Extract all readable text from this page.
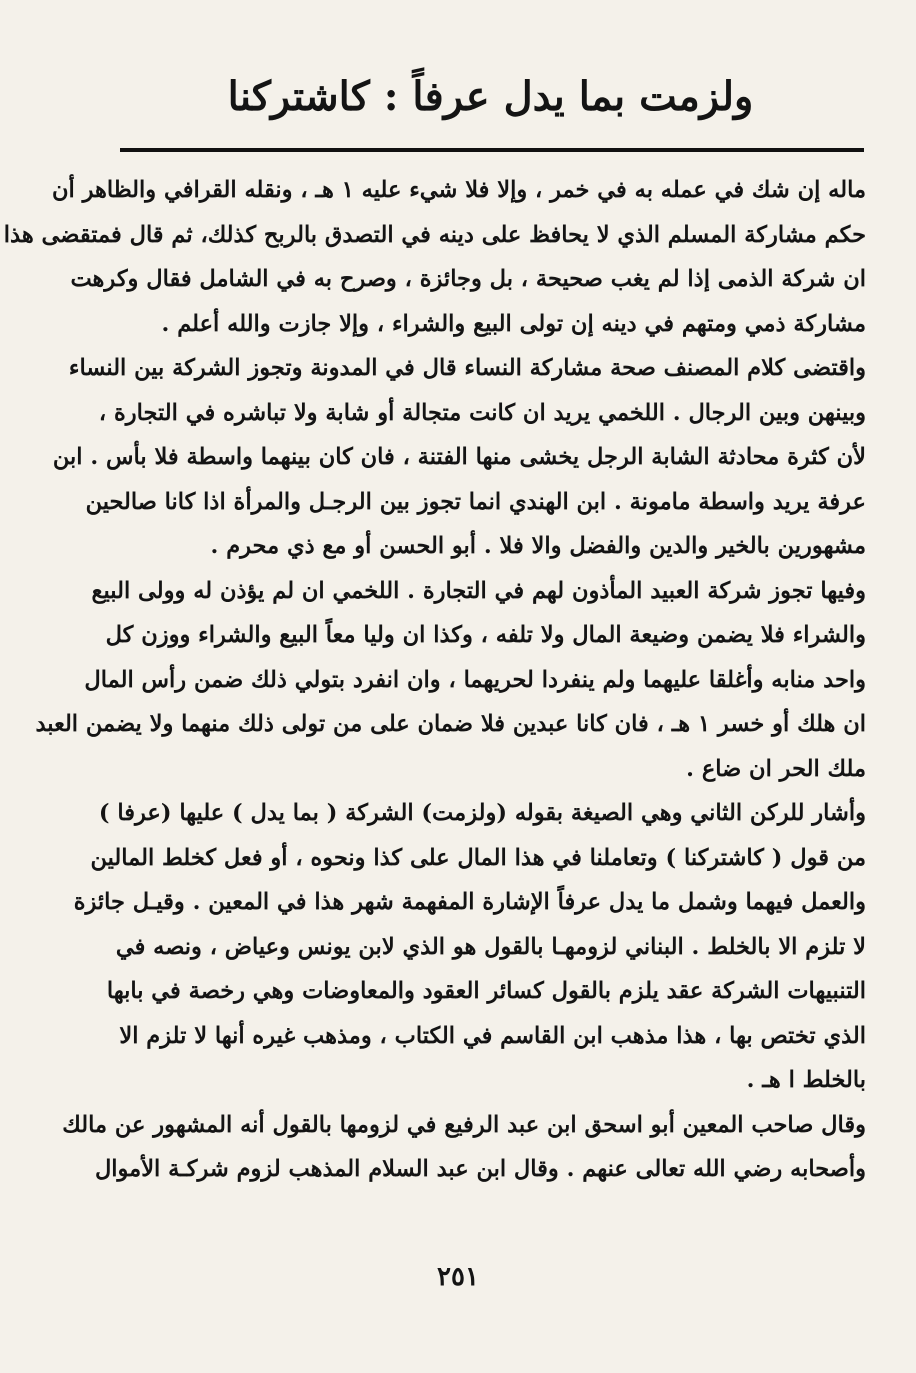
ولزمت بما يدل عرفاً : كاشتركنا
ماله إن شك في عمله به في خمر ، وإلا فلا شيء عليه ١ هـ ، ونقله القرافي والظاهر أن
حكم مشاركة المسلم الذي لا يحافظ على دينه في التصدق بالربح كذلك، ثم قال فمتقضى هذا
ان شركة الذمى إذا لم يغب صحيحة ، بل وجائزة ، وصرح به في الشامل فقال وكرهت
مشاركة ذمي ومتهم في دينه إن تولى البيع والشراء ، وإلا جازت والله أعلم .
واقتضى كلام المصنف صحة مشاركة النساء قال في المدونة وتجوز الشركة بين النساء
وبينهن وبين الرجال . اللخمي يريد ان كانت متجالة أو شابة ولا تباشره في التجارة ،
لأن كثرة محادثة الشابة الرجل يخشى منها الفتنة ، فان كان بينهما واسطة فلا بأس . ابن
عرفة يريد واسطة مامونة . ابن الهندي انما تجوز بين الرجـل والمرأة اذا كانا صالحين
مشهورين بالخير والدين والفضل والا فلا . أبو الحسن أو مع ذي محرم .
وفيها تجوز شركة العبيد المأذون لهم في التجارة . اللخمي ان لم يؤذن له وولى البيع
والشراء فلا يضمن وضيعة المال ولا تلفه ، وكذا ان وليا معاً البيع والشراء ووزن كل
واحد منابه وأغلقا عليهما ولم ينفردا لحريهما ، وان انفرد بتولي ذلك ضمن رأس المال
ان هلك أو خسر ١ هـ ، فان كانا عبدين فلا ضمان على من تولى ذلك منهما ولا يضمن العبد
ملك الحر ان ضاع .
وأشار للركن الثاني وهي الصيغة بقوله (ولزمت) الشركة ( بما يدل ) عليها (عرفا )
من قول ( كاشتركنا ) وتعاملنا في هذا المال على كذا ونحوه ، أو فعل كخلط المالين
والعمل فيهما وشمل ما يدل عرفاً الإشارة المفهمة شهر هذا في المعين . وقيـل جائزة
لا تلزم الا بالخلط . البناني لزومهـا بالقول هو الذي لابن يونس وعياض ، ونصه في
التنبيهات الشركة عقد يلزم بالقول كسائر العقود والمعاوضات وهي رخصة في بابها
الذي تختص بها ، هذا مذهب ابن القاسم في الكتاب ، ومذهب غيره أنها لا تلزم الا
بالخلط ا هـ .
وقال صاحب المعين أبو اسحق ابن عبد الرفيع في لزومها بالقول أنه المشهور عن مالك
وأصحابه رضي الله تعالى عنهم . وقال ابن عبد السلام المذهب لزوم شركـة الأموال
٢٥١
